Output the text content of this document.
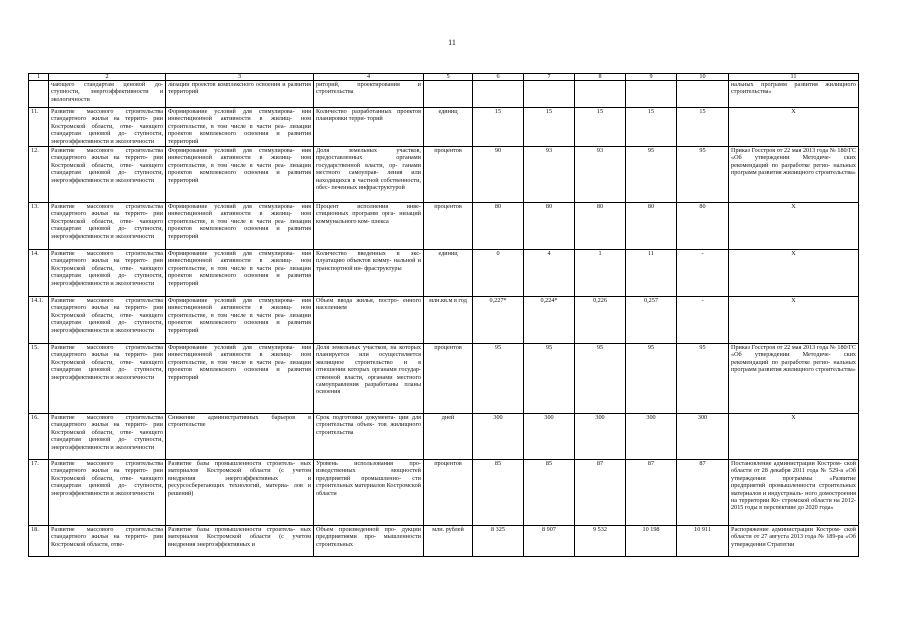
11
1	2	3	4	5	6	7	8	9	10	11
	чающего стандартам ценовой до- ступности, энергоэффективности и экологичности	лизации проектов комплексного освоения и развития территорий	риторий, проектирования и строительства							нальных программ развития жилищного строительства»
11.	Развитие массового строительства стандартного жилья на террито- рии Костромской области, отве- чающего стандартам ценовой до- ступности, энергоэффективности и экологичности	Формирование условий для стимулирова- ния инвестиционной активности в жилищ- ном строительстве, в том числе в части реа- лизации проектов комплексного освоения и развития территорий	Количество разработанных проектов планировки терри- торий	единиц	15	15	15	15	15	Х
12.	Развитие массового строительства стандартного жилья на террито- рии Костромской области, отве- чающего стандартам ценовой до- ступности, энергоэффективности и экологичности	Формирование условий для стимулирова- ния инвестиционной активности в жилищ- ном строительстве, в том числе в части реа- лизации проектов комплексного освоения и развития территорий	Доля земельных участков, предоставленных органами государственной власти, ор- ганами местного самоуправ- ления или находящихся в частной собственности, обес- печенных инфраструктурой	процентов	90	93	93	95	95	Приказ Госстроя от 22 мая 2013 года № 180/ГС «Об утверждении Методиче- ских рекомендаций по разработке регио- нальных программ развития жилищного строительства»
13.	Развитие массового строительства стандартного жилья на террито- рии Костромской области, отве- чающего стандартам ценовой до- ступности, энергоэффективности и экологичности	Формирование условий для стимулирова- ния инвестиционной активности в жилищ- ном строительстве, в том числе в части реа- лизации проектов комплексного освоения и развития территорий	Процент исполнения инве- стиционных программ орга- низаций коммунального ком- плекса	процентов	80	80	80	80	80	Х
14.	Развитие массового строительства стандартного жилья на террито- рии Костромской области, отве- чающего стандартам ценовой до- ступности, энергоэффективности и экологичности	Формирование условий для стимулирова- ния инвестиционной активности в жилищ- ном строительстве, в том числе в части реа- лизации проектов комплексного освоения и развития территорий	Количество введенных в экс- плуатацию объектов комму- нальной и транспортной ин- фраструктуры	единиц	0	4	1	11	-	Х
14.1.	Развитие массового строительства стандартного жилья на террито- рии Костромской области, отве- чающего стандартам ценовой до- ступности, энергоэффективности и экологичности	Формирование условий для стимулирова- ния инвестиционной активности в жилищ- ном строительстве, в том числе в части реа- лизации проектов комплексного освоения и развития территорий	Объем ввода жилья, постро- енного населением	млн.кв.м в год	0,227*	0,224*	0,226	0,257	-	Х
15.	Развитие массового строительства стандартного жилья на террито- рии Костромской области, отве- чающего стандартам ценовой до- ступности, энергоэффективности и экологичности	Формирование условий для стимулирова- ния инвестиционной активности в жилищ- ном строительстве, в том числе в части реа- лизации проектов комплексного освоения и развития территорий	Доля земельных участков, на которых планируется или осуществляется жилищное строительство и в отношении которых органами государ- ственной власти, органами местного самоуправления разработаны планы освоения	процентов	95	95	95	95	95	Приказ Госстроя от 22 мая 2013 года № 180/ГС «Об утверждении Методиче- ских рекомендаций по разработке регио- нальных программ развития жилищного строительства»
16.	Развитие массового строительства стандартного жилья на террито- рии Костромской области, отве- чающего стандартам ценовой до- ступности, энергоэффективности и экологичности	Снижение административных барьеров в строительстве	Срок подготовки документа- ции для строительства объек- тов жилищного строительства	дней	300	300	300	300	300	Х
17.	Развитие массового строительства стандартного жилья на террито- рии Костромской области, отве- чающего стандартам ценовой до- ступности, энергоэффективности и экологичности	Развитие базы промышленности строитель- ных материалов Костромской области (с учетом внедрения энергоэффективных и ресурсосберегающих технологий, материа- лов и решений)	Уровень использования про- изводственных мощностей предприятий промышленно- сти строительных материалов Костромской области	процентов	85	85	87	87	87	Постановление администрации Костром- ской области от 28 декабря 2011 года № 529-а «Об утверждении программы «Развитие предприятий промышленности строительных материалов и индустриаль- ного домостроения на территории Ко- стромской области на 2012-2015 годы в перспективе до 2020 года»
18.	Развитие массового строительства стандартного жилья на террито- рии Костромской области, отве-	Развитие базы промышленности строитель- ных материалов Костромской области (с учетом внедрения энергоэффективных и	Объем произведенной про- дукции предприятиями про- мышленности строительных	млн. рублей	8 325	8 907	9 532	10 198	10 911	Распоряжение администрации Костром- ской области от 27 августа 2013 года № 189-ра «Об утверждении Стратегии
